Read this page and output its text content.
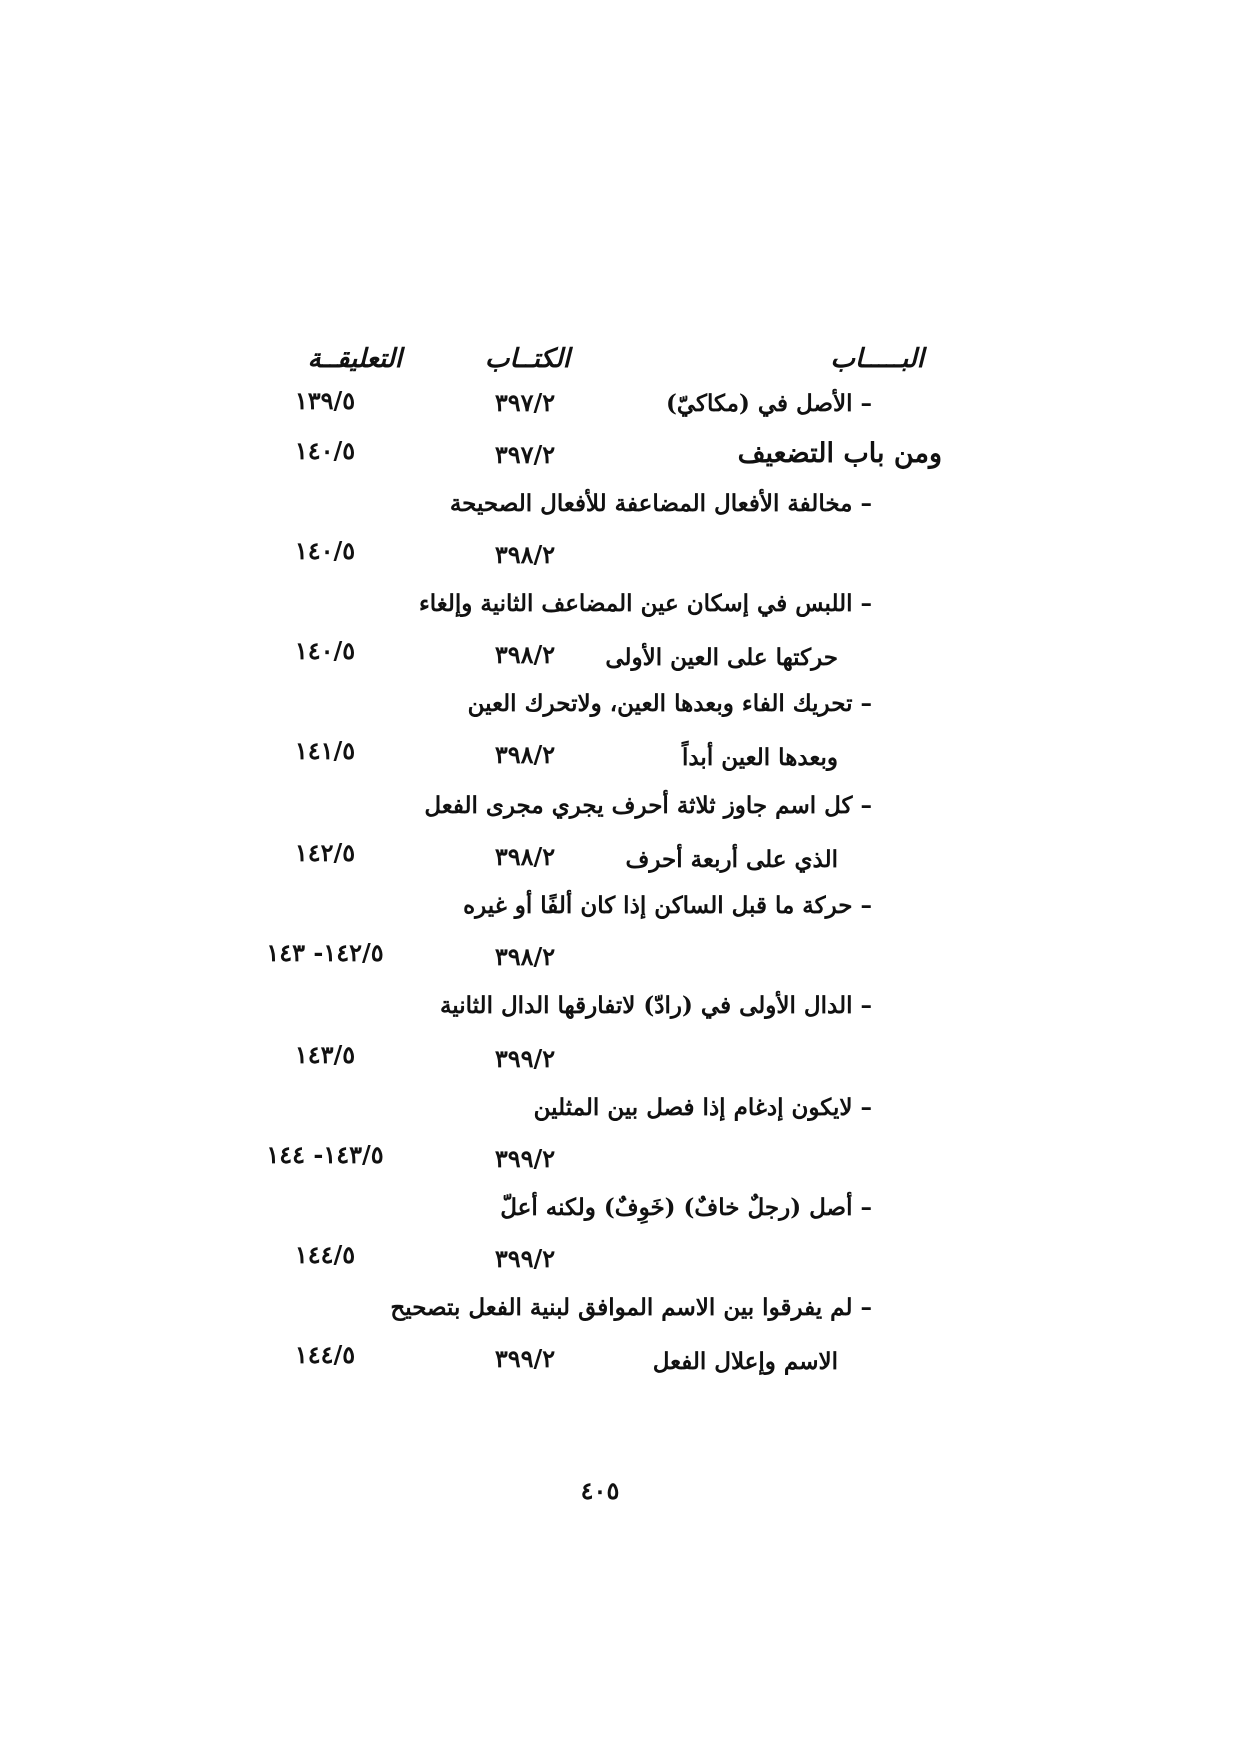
البـــــاب
الكتــاب
التعليقــة
– الأصل في (مكاكيّ)
٣٩٧/٢
١٣٩/٥
ومن باب التضعيف
٣٩٧/٢
١٤٠/٥
– مخالفة الأفعال المضاعفة للأفعال الصحيحة
٣٩٨/٢
١٤٠/٥
– اللبس في إسكان عين المضاعف الثانية وإلغاء
حركتها على العين الأولى
٣٩٨/٢
١٤٠/٥
– تحريك الفاء وبعدها العين، ولاتحرك العين
وبعدها العين أبداً
٣٩٨/٢
١٤١/٥
– كل اسم جاوز ثلاثة أحرف يجري مجرى الفعل
الذي على أربعة أحرف
٣٩٨/٢
١٤٢/٥
– حركة ما قبل الساكن إذا كان ألفًا أو غيره
٣٩٨/٢
١٤٢/٥- ١٤٣
– الدال الأولى في (رادّ) لاتفارقها الدال الثانية
٣٩٩/٢
١٤٣/٥
– لايكون إدغام إذا فصل بين المثلين
٣٩٩/٢
١٤٣/٥- ١٤٤
– أصل (رجلٌ خافٌ) (خَوِفٌ) ولكنه أعلّ
٣٩٩/٢
١٤٤/٥
– لم يفرقوا بين الاسم الموافق لبنية الفعل بتصحيح
الاسم وإعلال الفعل
٣٩٩/٢
١٤٤/٥
٤٠٥
